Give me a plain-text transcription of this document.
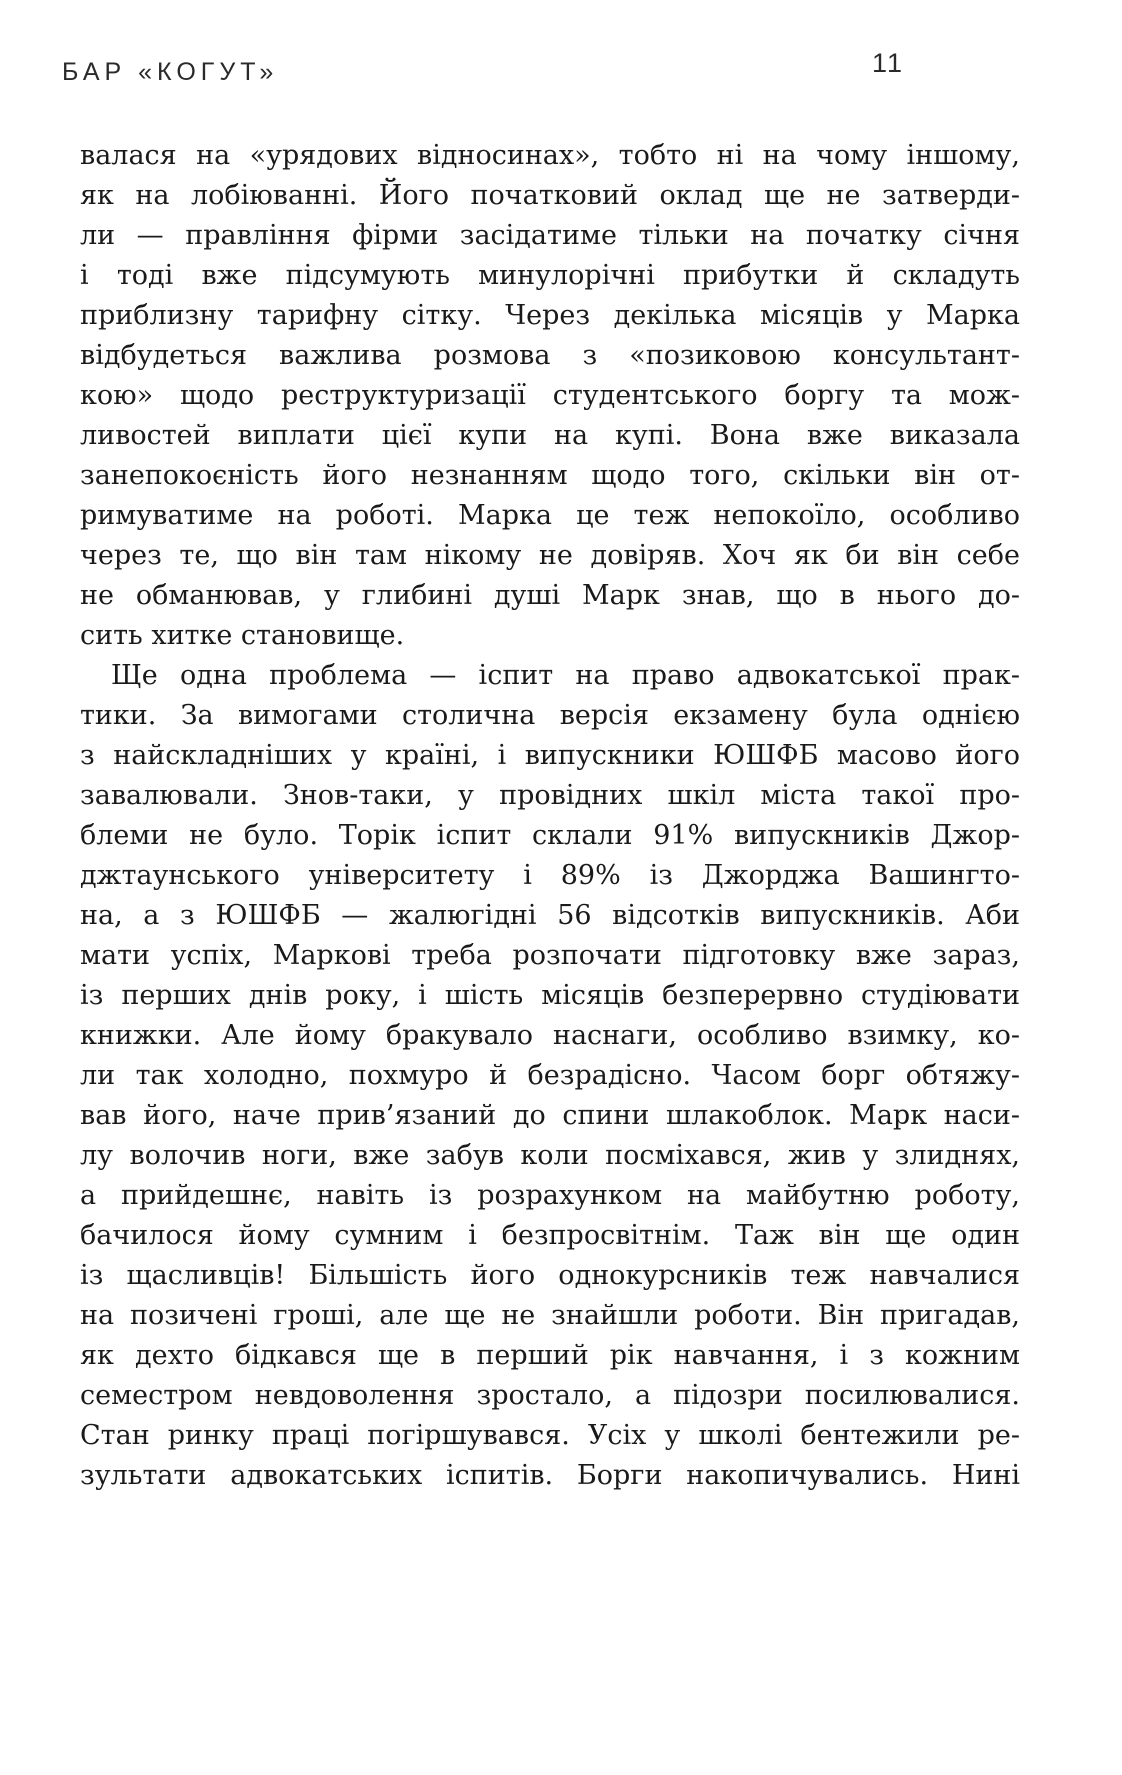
БАР «КОГУТ»	11
валася на «урядових відносинах», тобто ні на чому іншому,
як на лобіюванні. Його початковий оклад ще не затверди-
ли — правління фірми засідатиме тільки на початку січня
і тоді вже підсумують минулорічні прибутки й складуть
приблизну тарифну сітку. Через декілька місяців у Марка
відбудеться важлива розмова з «позиковою консультант-
кою» щодо реструктуризації студентського боргу та мож-
ливостей виплати цієї купи на купі. Вона вже виказала
занепокоєність його незнанням щодо того, скільки він от-
римуватиме на роботі. Марка це теж непокоїло, особливо
через те, що він там нікому не довіряв. Хоч як би він себе
не обманював, у глибині душі Марк знав, що в нього до-
сить хитке становище.
Ще одна проблема — іспит на право адвокатської прак-
тики. За вимогами столична версія екзамену була однією
з найскладніших у країні, і випускники ЮШФБ масово його
завалювали. Знов-таки, у провідних шкіл міста такої про-
блеми не було. Торік іспит склали 91% випускників Джор-
джтаунського університету і 89% із Джорджа Вашингто-
на, а з ЮШФБ — жалюгідні 56 відсотків випускників. Аби
мати успіх, Маркові треба розпочати підготовку вже зараз,
із перших днів року, і шість місяців безперервно студіювати
книжки. Але йому бракувало наснаги, особливо взимку, ко-
ли так холодно, похмуро й безрадісно. Часом борг обтяжу-
вав його, наче прив’язаний до спини шлакоблок. Марк наси-
лу волочив ноги, вже забув коли посміхався, жив у злиднях,
а прийдешнє, навіть із розрахунком на майбутню роботу,
бачилося йому сумним і безпросвітнім. Таж він ще один
із щасливців! Більшість його однокурсників теж навчалися
на позичені гроші, але ще не знайшли роботи. Він пригадав,
як дехто бідкався ще в перший рік навчання, і з кожним
семестром невдоволення зростало, а підозри посилювалися.
Стан ринку праці погіршувався. Усіх у школі бентежили ре-
зультати адвокатських іспитів. Борги накопичувались. Нині
